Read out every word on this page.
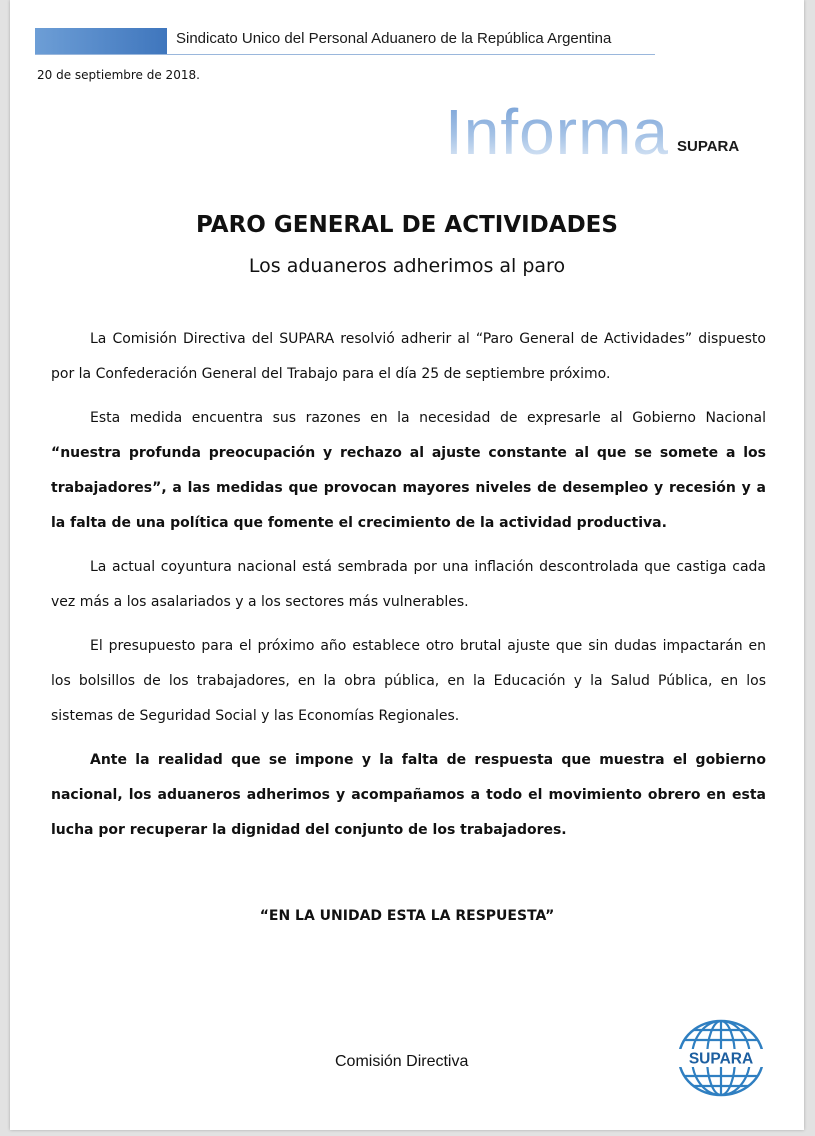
Sindicato Unico del Personal Aduanero de la República Argentina
20 de septiembre de 2018.
Informa SUPARA
PARO GENERAL DE ACTIVIDADES
Los aduaneros adherimos al paro

La Comisión Directiva del SUPARA resolvió adherir al “Paro General de Actividades” dispuesto por la Confederación General del Trabajo para el día 25 de septiembre próximo.

Esta medida encuentra sus razones en la necesidad de expresarle al Gobierno Nacional “nuestra profunda preocupación y rechazo al ajuste constante al que se somete a los trabajadores”, a las medidas que provocan mayores niveles de desempleo y recesión y a la falta de una política que fomente el crecimiento de la actividad productiva.

La actual coyuntura nacional está sembrada por una inflación descontrolada que castiga cada vez más a los asalariados y a los sectores más vulnerables.

El presupuesto para el próximo año establece otro brutal ajuste que sin dudas impactarán en los bolsillos de los trabajadores, en la obra pública, en la Educación y la Salud Pública, en los sistemas de Seguridad Social y las Economías Regionales.

Ante la realidad que se impone y la falta de respuesta que muestra el gobierno nacional, los aduaneros adherimos y acompañamos a todo el movimiento obrero en esta lucha por recuperar la dignidad del conjunto de los trabajadores.

“EN LA UNIDAD ESTA LA RESPUESTA”
Comisión Directiva	SUPARA
